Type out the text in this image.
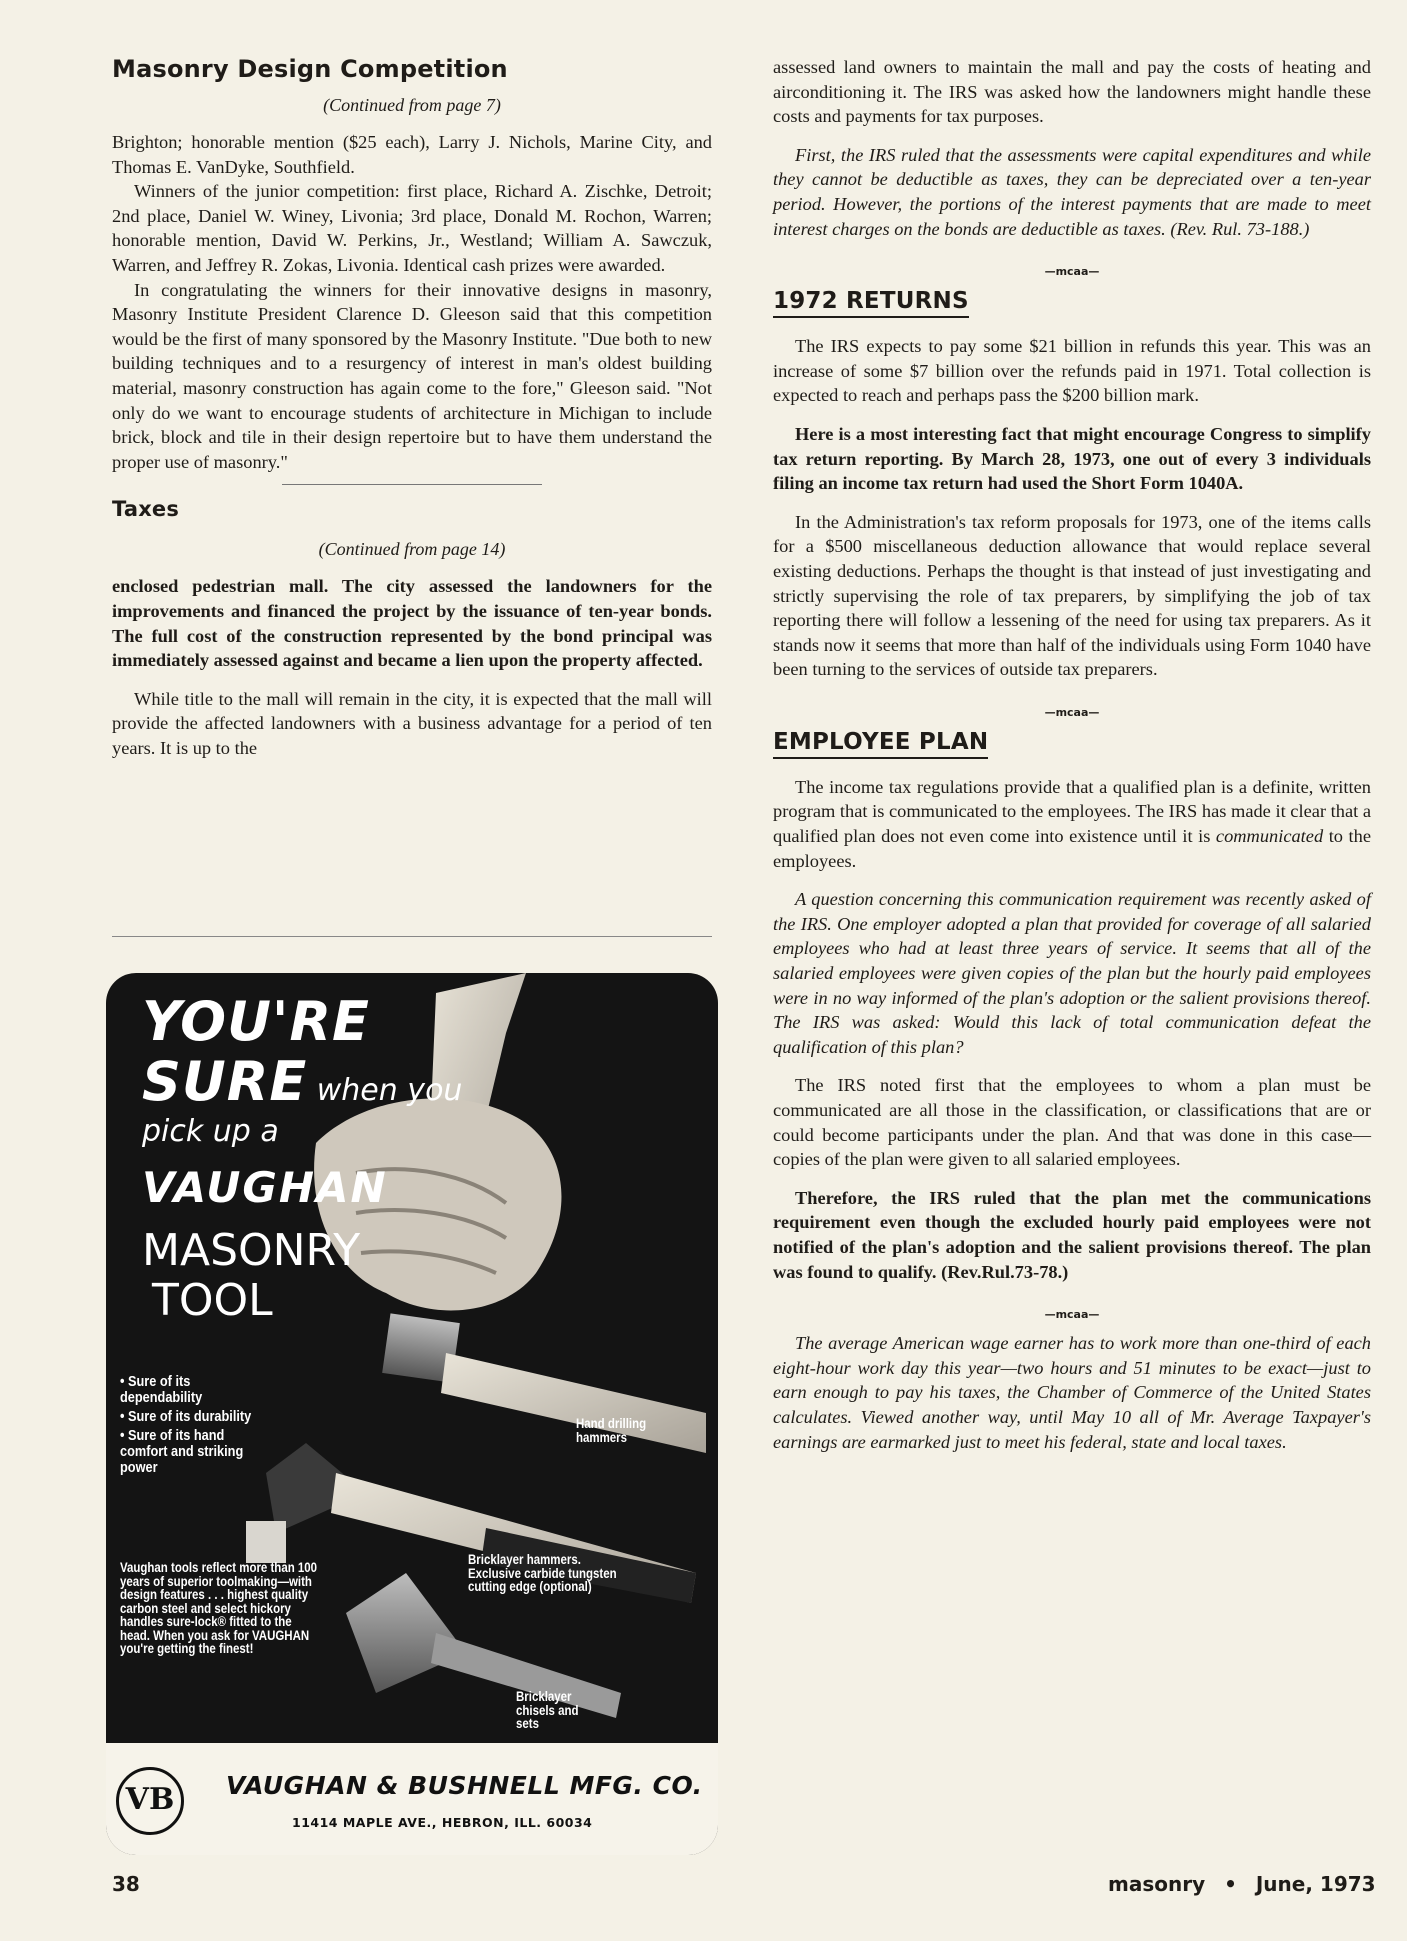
Masonry Design Competition
(Continued from page 7)

Brighton; honorable mention ($25 each), Larry J. Nichols, Marine City, and Thomas E. VanDyke, Southfield.

Winners of the junior competition: first place, Richard A. Zischke, Detroit; 2nd place, Daniel W. Winey, Livonia; 3rd place, Donald M. Rochon, Warren; honorable mention, David W. Perkins, Jr., Westland; William A. Sawczuk, Warren, and Jeffrey R. Zokas, Livonia. Identical cash prizes were awarded.

In congratulating the winners for their innovative designs in masonry, Masonry Institute President Clarence D. Gleeson said that this competition would be the first of many sponsored by the Masonry Institute. "Due both to new building techniques and to a resurgency of interest in man's oldest building material, masonry construction has again come to the fore," Gleeson said. "Not only do we want to encourage students of architecture in Michigan to include brick, block and tile in their design repertoire but to have them understand the proper use of masonry."

Taxes
(Continued from page 14)

enclosed pedestrian mall. The city assessed the landowners for the improvements and financed the project by the issuance of ten-year bonds. The full cost of the construction represented by the bond principal was immediately assessed against and became a lien upon the property affected.

While title to the mall will remain in the city, it is expected that the mall will provide the affected landowners with a business advantage for a period of ten years. It is up to the

YOU'RE
SURE when you
pick up a
VAUGHAN
MASONRY
TOOL
• Sure of its dependability
• Sure of its durability
• Sure of its hand comfort and striking power
Vaughan tools reflect more than 100 years of superior toolmaking—with design features . . . highest quality carbon steel and select hickory handles sure-lock® fitted to the head. When you ask for VAUGHAN you're getting the finest!
Hand drilling hammers
Bricklayer hammers. Exclusive carbide tungsten cutting edge (optional)
Bricklayer chisels and sets
VB	VAUGHAN & BUSHNELL MFG. CO.
11414 MAPLE AVE., HEBRON, ILL. 60034

assessed land owners to maintain the mall and pay the costs of heating and airconditioning it. The IRS was asked how the landowners might handle these costs and payments for tax purposes.

First, the IRS ruled that the assessments were capital expenditures and while they cannot be deductible as taxes, they can be depreciated over a ten-year period. However, the portions of the interest payments that are made to meet interest charges on the bonds are deductible as taxes. (Rev. Rul. 73-188.)

—mcaa—
1972 RETURNS

The IRS expects to pay some $21 billion in refunds this year. This was an increase of some $7 billion over the refunds paid in 1971. Total collection is expected to reach and perhaps pass the $200 billion mark.

Here is a most interesting fact that might encourage Congress to simplify tax return reporting. By March 28, 1973, one out of every 3 individuals filing an income tax return had used the Short Form 1040A.

In the Administration's tax reform proposals for 1973, one of the items calls for a $500 miscellaneous deduction allowance that would replace several existing deductions. Perhaps the thought is that instead of just investigating and strictly supervising the role of tax preparers, by simplifying the job of tax reporting there will follow a lessening of the need for using tax preparers. As it stands now it seems that more than half of the individuals using Form 1040 have been turning to the services of outside tax preparers.

—mcaa—
EMPLOYEE PLAN

The income tax regulations provide that a qualified plan is a definite, written program that is communicated to the employees. The IRS has made it clear that a qualified plan does not even come into existence until it is communicated to the employees.

A question concerning this communication requirement was recently asked of the IRS. One employer adopted a plan that provided for coverage of all salaried employees who had at least three years of service. It seems that all of the salaried employees were given copies of the plan but the hourly paid employees were in no way informed of the plan's adoption or the salient provisions thereof. The IRS was asked: Would this lack of total communication defeat the qualification of this plan?

The IRS noted first that the employees to whom a plan must be communicated are all those in the classification, or classifications that are or could become participants under the plan. And that was done in this case—copies of the plan were given to all salaried employees.

Therefore, the IRS ruled that the plan met the communications requirement even though the excluded hourly paid employees were not notified of the plan's adoption and the salient provisions thereof. The plan was found to qualify. (Rev.Rul.73-78.)

—mcaa—

The average American wage earner has to work more than one-third of each eight-hour work day this year—two hours and 51 minutes to be exact—just to earn enough to pay his taxes, the Chamber of Commerce of the United States calculates. Viewed another way, until May 10 all of Mr. Average Taxpayer's earnings are earmarked just to meet his federal, state and local taxes.

38	masonry • June, 1973
